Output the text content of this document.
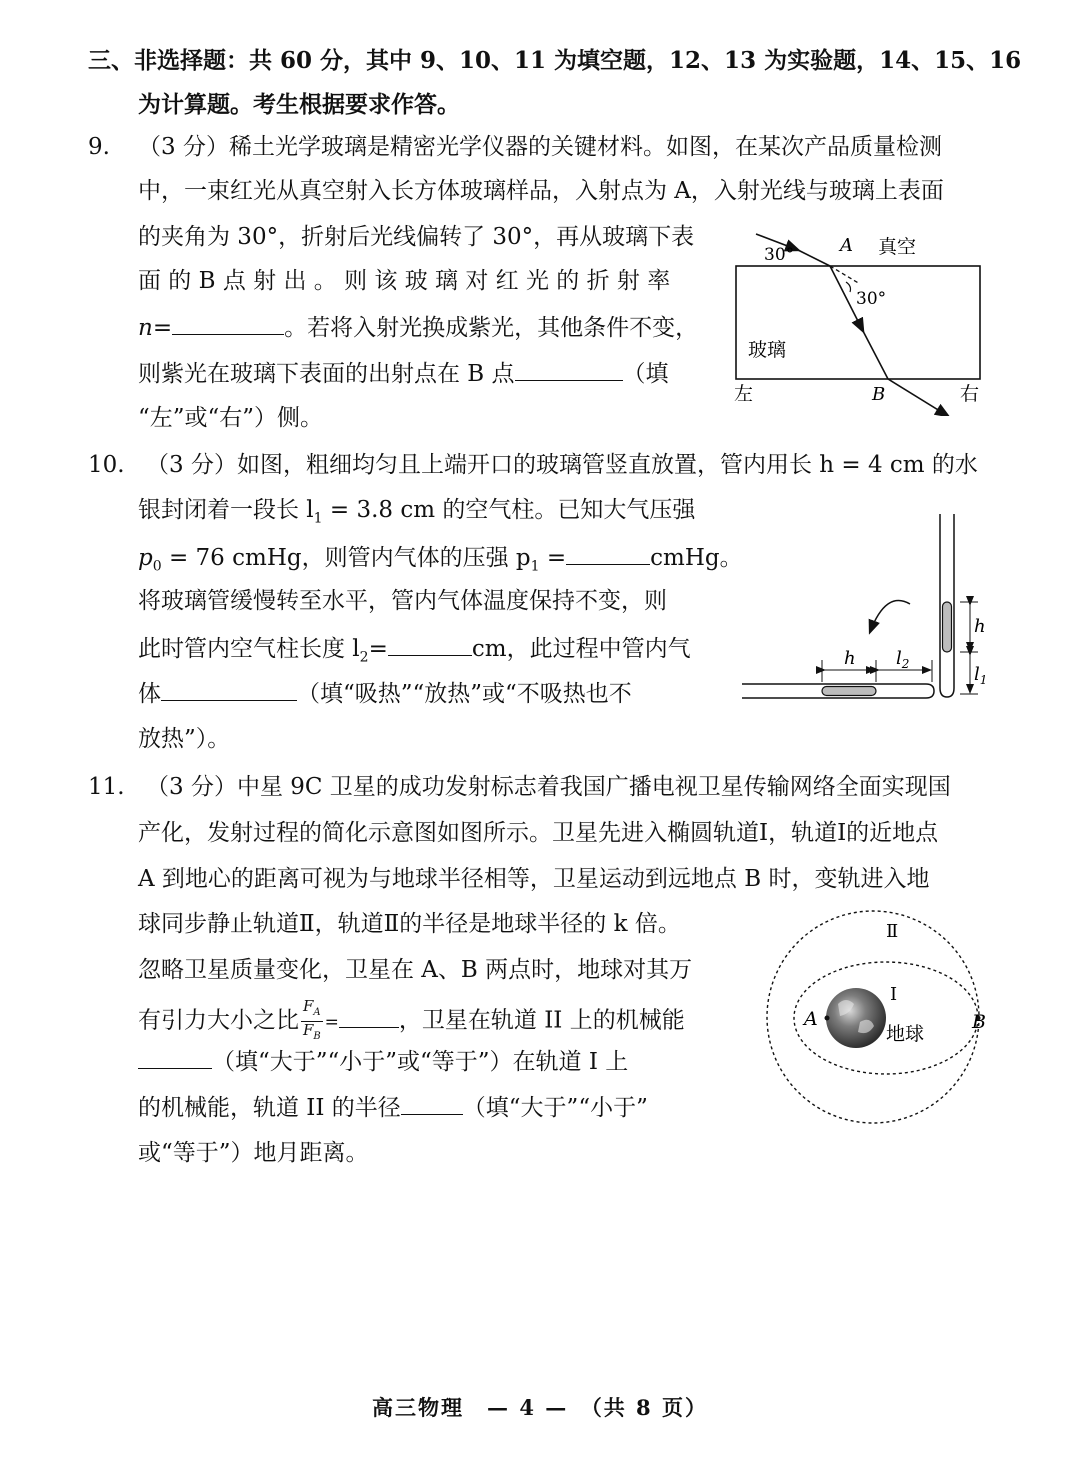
三、非选择题：共 60 分，其中 9、10、11 为填空题，12、13 为实验题，14、15、16
为计算题。考生根据要求作答。
9. （3 分）稀土光学玻璃是精密光学仪器的关键材料。如图，在某次产品质量检测
中，一束红光从真空射入长方体玻璃样品，入射点为 A，入射光线与玻璃上表面
的夹角为 30°，折射后光线偏转了 30°，再从玻璃下表
面 的 B 点 射 出 。 则 该 玻 璃 对 红 光 的 折 射 率
n=	。若将入射光换成紫光，其他条件不变，
则紫光在玻璃下表面的出射点在 B 点	（填
“左”或“右”）侧。
30°	A 真空
30°
玻璃
B
左	右
10. （3 分）如图，粗细均匀且上端开口的玻璃管竖直放置，管内用长 h = 4 cm 的水
银封闭着一段长 $l_1 = 3.8$ cm 的空气柱。已知大气压强
$p_0 = 76$ cmHg，则管内气体的压强 $p_1$ =	cmHg。
将玻璃管缓慢转至水平，管内气体温度保持不变，则
此时管内空气柱长度 $l_2=$	cm，此过程中管内气
体	（填“吸热”“放热”或“不吸热也不
放热”）。
h
$l_1$
h $l_2$
11. （3 分）中星 9C 卫星的成功发射标志着我国广播电视卫星传输网络全面实现国
产化，发射过程的简化示意图如图所示。卫星先进入椭圆轨道Ⅰ，轨道Ⅰ的近地点
A 到地心的距离可视为与地球半径相等，卫星运动到远地点 B 时，变轨进入地
球同步静止轨道Ⅱ，轨道Ⅱ的半径是地球半径的 k 倍。
忽略卫星质量变化，卫星在 A、B 两点时，地球对其万
有引力大小之比 $\frac{F_A}{F_B}$ =	，卫星在轨道 II 上的机械能
（填“大于”“小于”或“等于”）在轨道 I 上
的机械能，轨道 II 的半径	（填“大于”“小于”
或“等于”）地月距离。
Ⅱ
Ⅰ
A	B
地球
高三物理　— 4 —　（共 8 页）
